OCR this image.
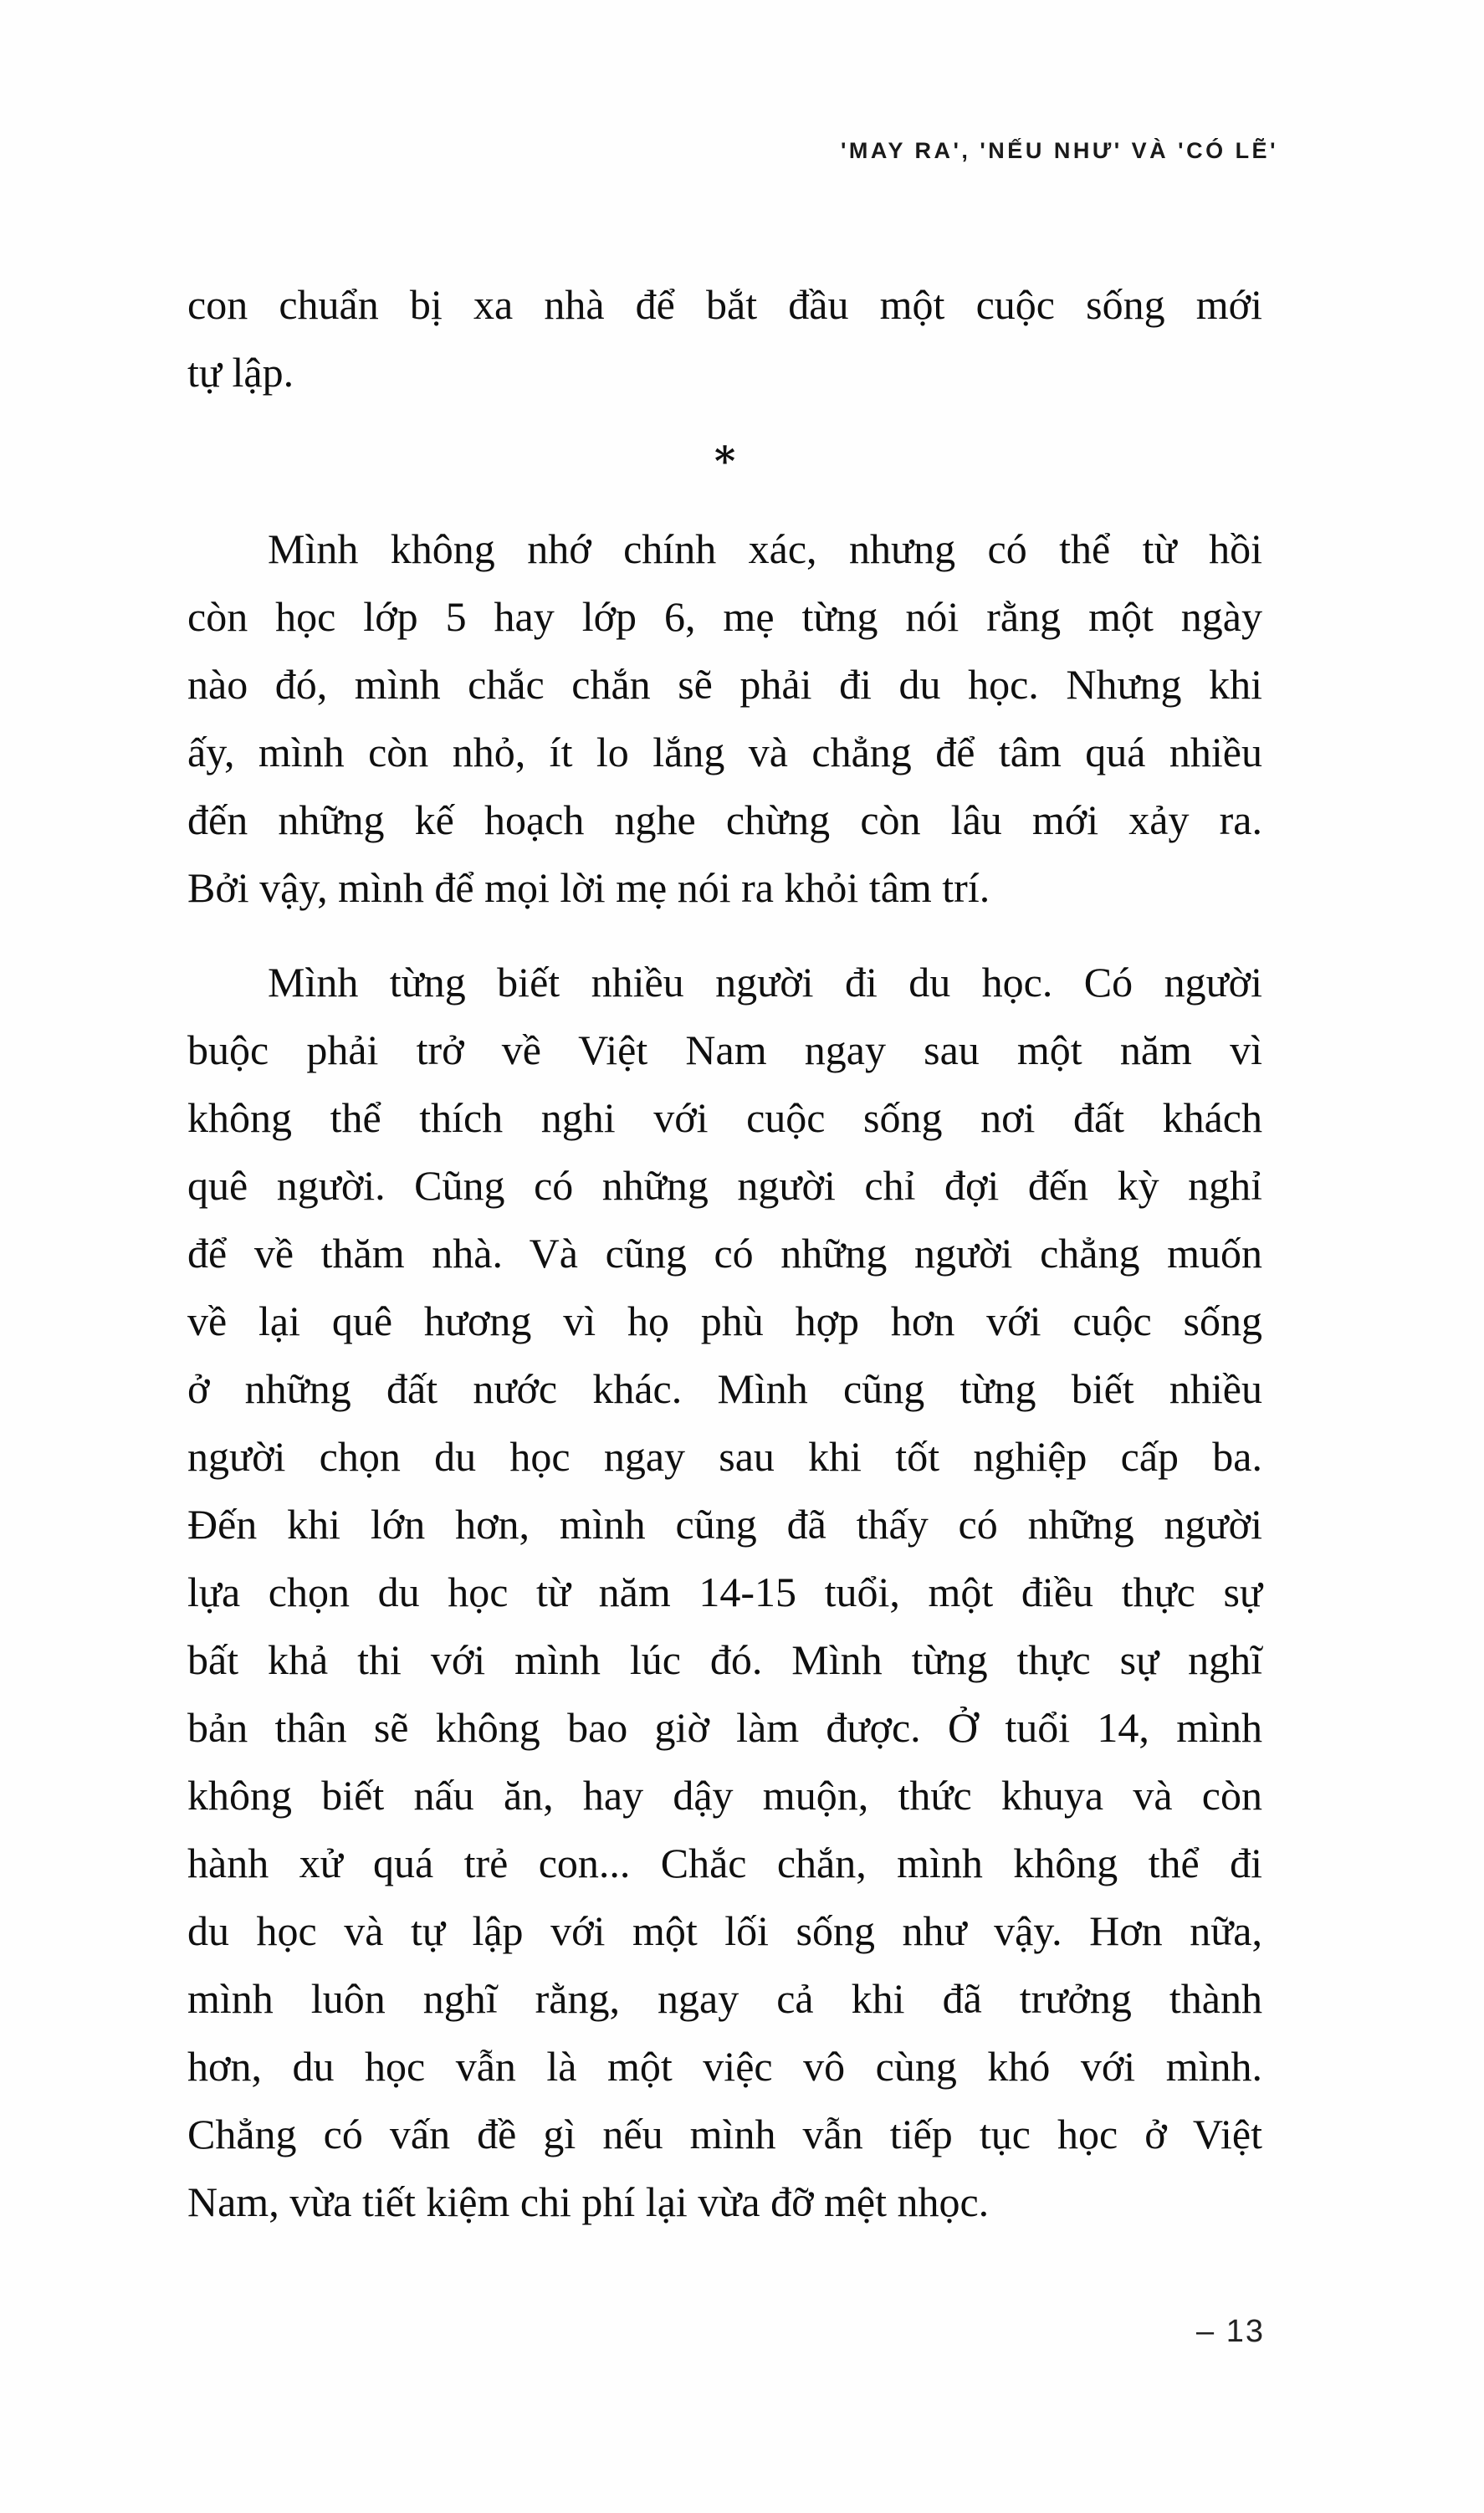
'MAY RA', 'NẾU NHƯ' VÀ 'CÓ LẼ'
con chuẩn bị xa nhà để bắt đầu một cuộc sống mới
tự lập.
*
Mình không nhớ chính xác, nhưng có thể từ hồi
còn học lớp 5 hay lớp 6, mẹ từng nói rằng một ngày
nào đó, mình chắc chắn sẽ phải đi du học. Nhưng khi
ấy, mình còn nhỏ, ít lo lắng và chẳng để tâm quá nhiều
đến những kế hoạch nghe chừng còn lâu mới xảy ra.
Bởi vậy, mình để mọi lời mẹ nói ra khỏi tâm trí.
Mình từng biết nhiều người đi du học. Có người
buộc phải trở về Việt Nam ngay sau một năm vì
không thể thích nghi với cuộc sống nơi đất khách
quê người. Cũng có những người chỉ đợi đến kỳ nghỉ
để về thăm nhà. Và cũng có những người chẳng muốn
về lại quê hương vì họ phù hợp hơn với cuộc sống
ở những đất nước khác. Mình cũng từng biết nhiều
người chọn du học ngay sau khi tốt nghiệp cấp ba.
Đến khi lớn hơn, mình cũng đã thấy có những người
lựa chọn du học từ năm 14-15 tuổi, một điều thực sự
bất khả thi với mình lúc đó. Mình từng thực sự nghĩ
bản thân sẽ không bao giờ làm được. Ở tuổi 14, mình
không biết nấu ăn, hay dậy muộn, thức khuya và còn
hành xử quá trẻ con... Chắc chắn, mình không thể đi
du học và tự lập với một lối sống như vậy. Hơn nữa,
mình luôn nghĩ rằng, ngay cả khi đã trưởng thành
hơn, du học vẫn là một việc vô cùng khó với mình.
Chẳng có vấn đề gì nếu mình vẫn tiếp tục học ở Việt
Nam, vừa tiết kiệm chi phí lại vừa đỡ mệt nhọc.
– 13
